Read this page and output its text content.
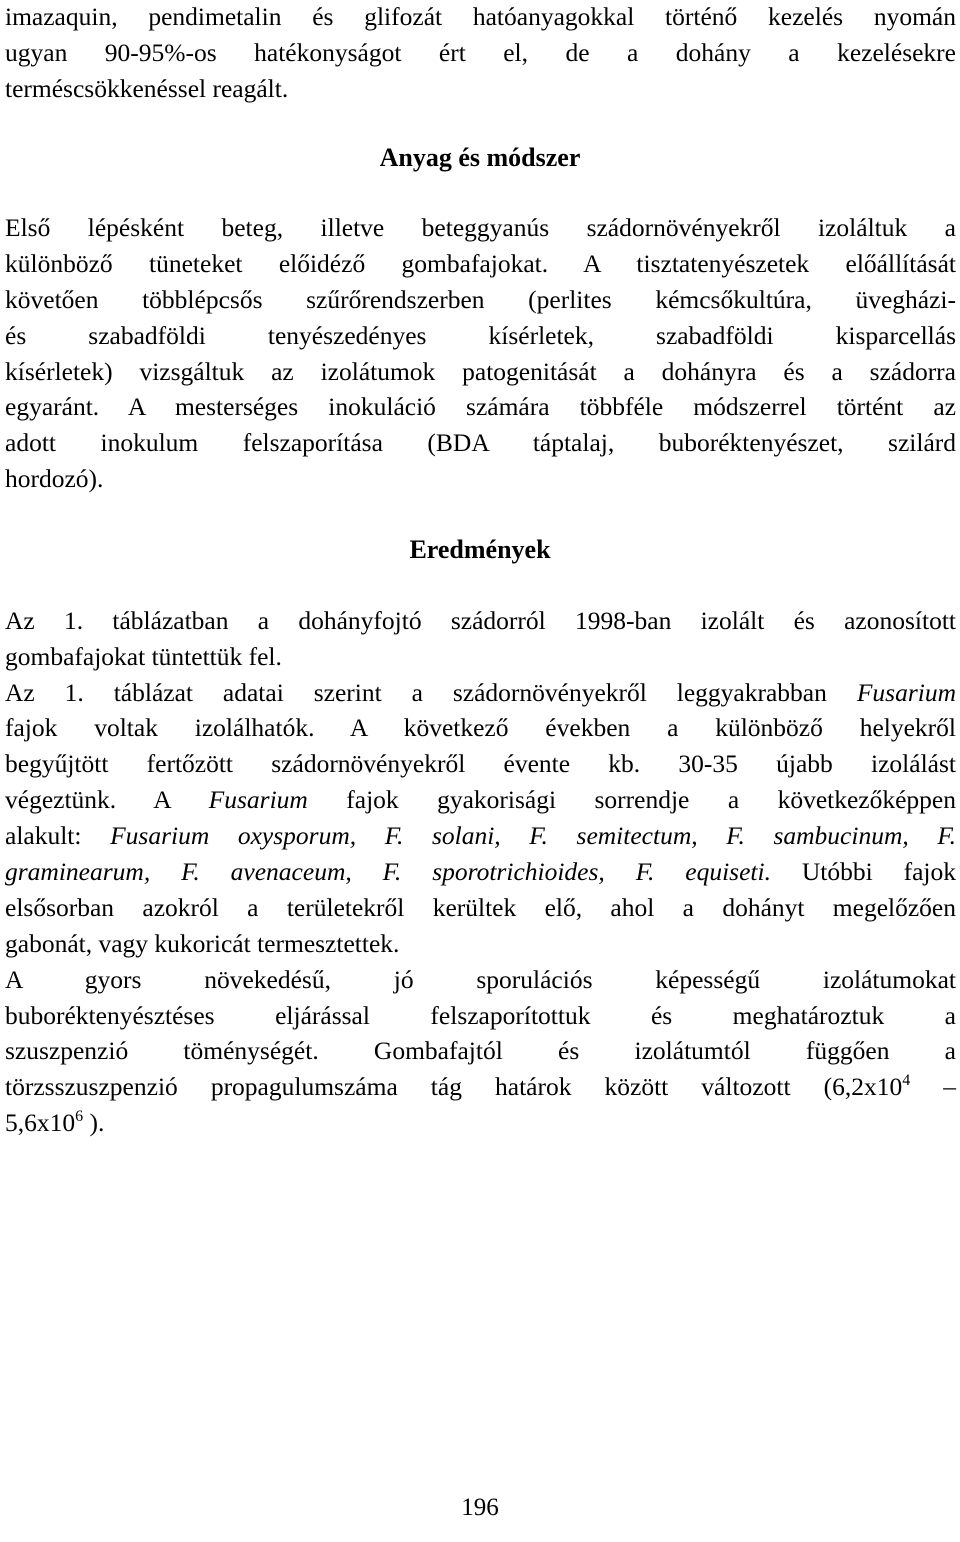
imazaquin, pendimetalin és glifozát hatóanyagokkal történő kezelés nyomán
ugyan 90-95%-os hatékonyságot ért el, de a dohány a kezelésekre
terméscsökkenéssel reagált.
Anyag és módszer
Első lépésként beteg, illetve beteggyanús szádornövényekről izoláltuk a
különböző tüneteket előidéző gombafajokat. A tisztatenyészetek előállítását
követően többlépcsős szűrőrendszerben (perlites kémcsőkultúra, üvegházi-
és szabadföldi tenyészedényes kísérletek, szabadföldi kisparcellás
kísérletek) vizsgáltuk az izolátumok patogenitását a dohányra és a szádorra
egyaránt. A mesterséges inokuláció számára többféle módszerrel történt az
adott inokulum felszaporítása (BDA táptalaj, buboréktenyészet, szilárd
hordozó).
Eredmények
Az 1. táblázatban a dohányfojtó szádorról 1998-ban izolált és azonosított
gombafajokat tüntettük fel.
Az 1. táblázat adatai szerint a szádornövényekről leggyakrabban Fusarium
fajok voltak izolálhatók. A következő években a különböző helyekről
begyűjtött fertőzött szádornövényekről évente kb. 30-35 újabb izolálást
végeztünk. A Fusarium fajok gyakorisági sorrendje a következőképpen
alakult: Fusarium oxysporum, F. solani, F. semitectum, F. sambucinum, F.
graminearum, F. avenaceum, F. sporotrichioides, F. equiseti. Utóbbi fajok
elsősorban azokról a területekről kerültek elő, ahol a dohányt megelőzően
gabonát, vagy kukoricát termesztettek.
A gyors növekedésű, jó sporulációs képességű izolátumokat
buboréktenyésztéses eljárással felszaporítottuk és meghatároztuk a
szuszpenzió töménységét. Gombafajtól és izolátumtól függően a
törzsszuszpenzió propagulumszáma tág határok között változott ($6,2x10^4$ –
$5,6x10^6$ ).
196
